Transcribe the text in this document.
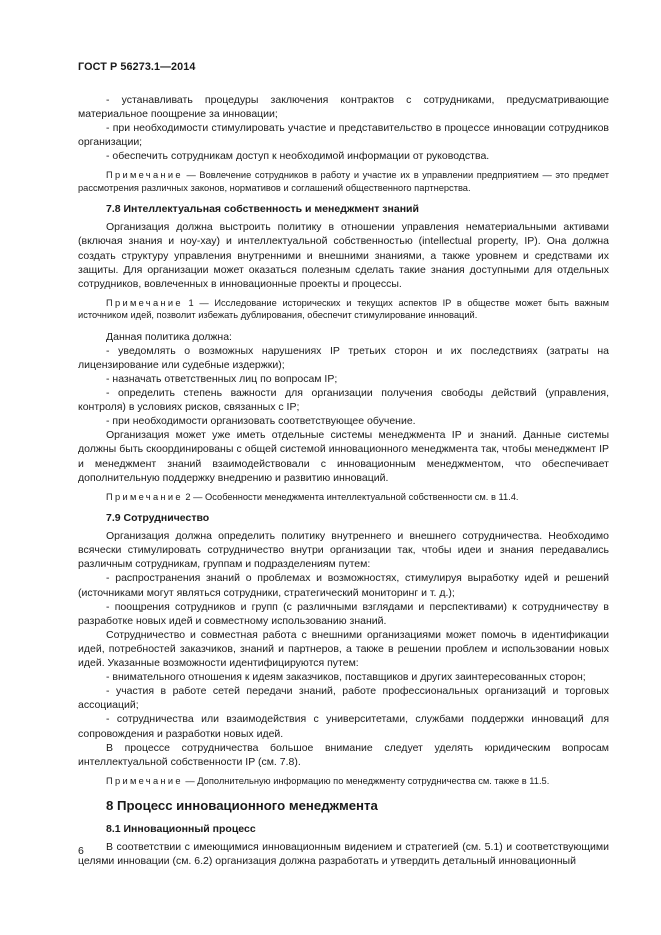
ГОСТ Р 56273.1—2014

- устанавливать процедуры заключения контрактов с сотрудниками, предусматривающие материальное поощрение за инновации;

- при необходимости стимулировать участие и представительство в процессе инновации сотрудников организации;

- обеспечить сотрудникам доступ к необходимой информации от руководства.

Примечание — Вовлечение сотрудников в работу и участие их в управлении предприятием — это предмет рассмотрения различных законов, нормативов и соглашений общественного партнерства.

7.8 Интеллектуальная собственность и менеджмент знаний

Организация должна выстроить политику в отношении управления нематериальными активами (включая знания и ноу-хау) и интеллектуальной собственностью (intellectual property, IP). Она должна создать структуру управления внутренними и внешними знаниями, а также уровнем и средствами их защиты. Для организации может оказаться полезным сделать такие знания доступными для отдельных сотрудников, вовлеченных в инновационные проекты и процессы.

Примечание 1 — Исследование исторических и текущих аспектов IP в обществе может быть важным источником идей, позволит избежать дублирования, обеспечит стимулирование инноваций.

Данная политика должна:

- уведомлять о возможных нарушениях IP третьих сторон и их последствиях (затраты на лицензирование или судебные издержки);

- назначать ответственных лиц по вопросам IP;

- определить степень важности для организации получения свободы действий (управления, контроля) в условиях рисков, связанных с IP;

- при необходимости организовать соответствующее обучение.

Организация может уже иметь отдельные системы менеджмента IP и знаний. Данные системы должны быть скоординированы с общей системой инновационного менеджмента так, чтобы менеджмент IP и менеджмент знаний взаимодействовали с инновационным менеджментом, что обеспечивает дополнительную поддержку внедрению и развитию инноваций.

Примечание 2 — Особенности менеджмента интеллектуальной собственности см. в 11.4.

7.9 Сотрудничество

Организация должна определить политику внутреннего и внешнего сотрудничества. Необходимо всячески стимулировать сотрудничество внутри организации так, чтобы идеи и знания передавались различным сотрудникам, группам и подразделениям путем:

- распространения знаний о проблемах и возможностях, стимулируя выработку идей и решений (источниками могут являться сотрудники, стратегический мониторинг и т. д.);

- поощрения сотрудников и групп (с различными взглядами и перспективами) к сотрудничеству в разработке новых идей и совместному использованию знаний.

Сотрудничество и совместная работа с внешними организациями может помочь в идентификации идей, потребностей заказчиков, знаний и партнеров, а также в решении проблем и использовании новых идей. Указанные возможности идентифицируются путем:

- внимательного отношения к идеям заказчиков, поставщиков и других заинтересованных сторон;

- участия в работе сетей передачи знаний, работе профессиональных организаций и торговых ассоциаций;

- сотрудничества или взаимодействия с университетами, службами поддержки инноваций для сопровождения и разработки новых идей.

В процессе сотрудничества большое внимание следует уделять юридическим вопросам интеллектуальной собственности IP (см. 7.8).

Примечание — Дополнительную информацию по менеджменту сотрудничества см. также в 11.5.

8 Процесс инновационного менеджмента

8.1 Инновационный процесс

В соответствии с имеющимися инновационным видением и стратегией (см. 5.1) и соответствующими целями инновации (см. 6.2) организация должна разработать и утвердить детальный инновационный

6
